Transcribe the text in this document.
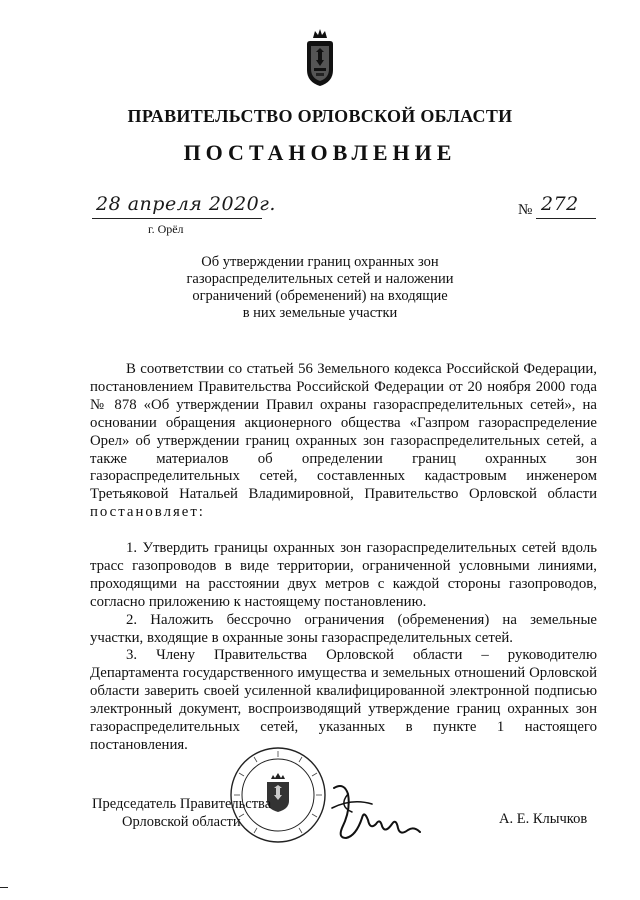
ПРАВИТЕЛЬСТВО ОРЛОВСКОЙ ОБЛАСТИ
ПОСТАНОВЛЕНИЕ
28 апреля 2020г.	№ 272
г. Орёл
Об утверждении границ охранных зон
газораспределительных сетей и наложении
ограничений (обременений) на входящие
в них земельные участки

В соответствии со статьей 56 Земельного кодекса Российской Федерации, постановлением Правительства Российской Федерации от 20 ноября 2000 года № 878 «Об утверждении Правил охраны газораспределительных сетей», на основании обращения акционерного общества «Газпром газораспределение Орел» об утверждении границ охранных зон газораспределительных сетей, а также материалов об определении границ охранных зон газораспределительных сетей, составленных кадастровым инженером Третьяковой Натальей Владимировной, Правительство Орловской области постановляет:

1. Утвердить границы охранных зон газораспределительных сетей вдоль трасс газопроводов в виде территории, ограниченной условными линиями, проходящими на расстоянии двух метров с каждой стороны газопроводов, согласно приложению к настоящему постановлению.

2. Наложить бессрочно ограничения (обременения) на земельные участки, входящие в охранные зоны газораспределительных сетей.

3. Члену Правительства Орловской области – руководителю Департамента государственного имущества и земельных отношений Орловской области заверить своей усиленной квалифицированной электронной подписью электронный документ, воспроизводящий утверждение границ охранных зон газораспределительных сетей, указанных в пункте 1 настоящего постановления.

Председатель Правительства
Орловской области	А. Е. Клычков
